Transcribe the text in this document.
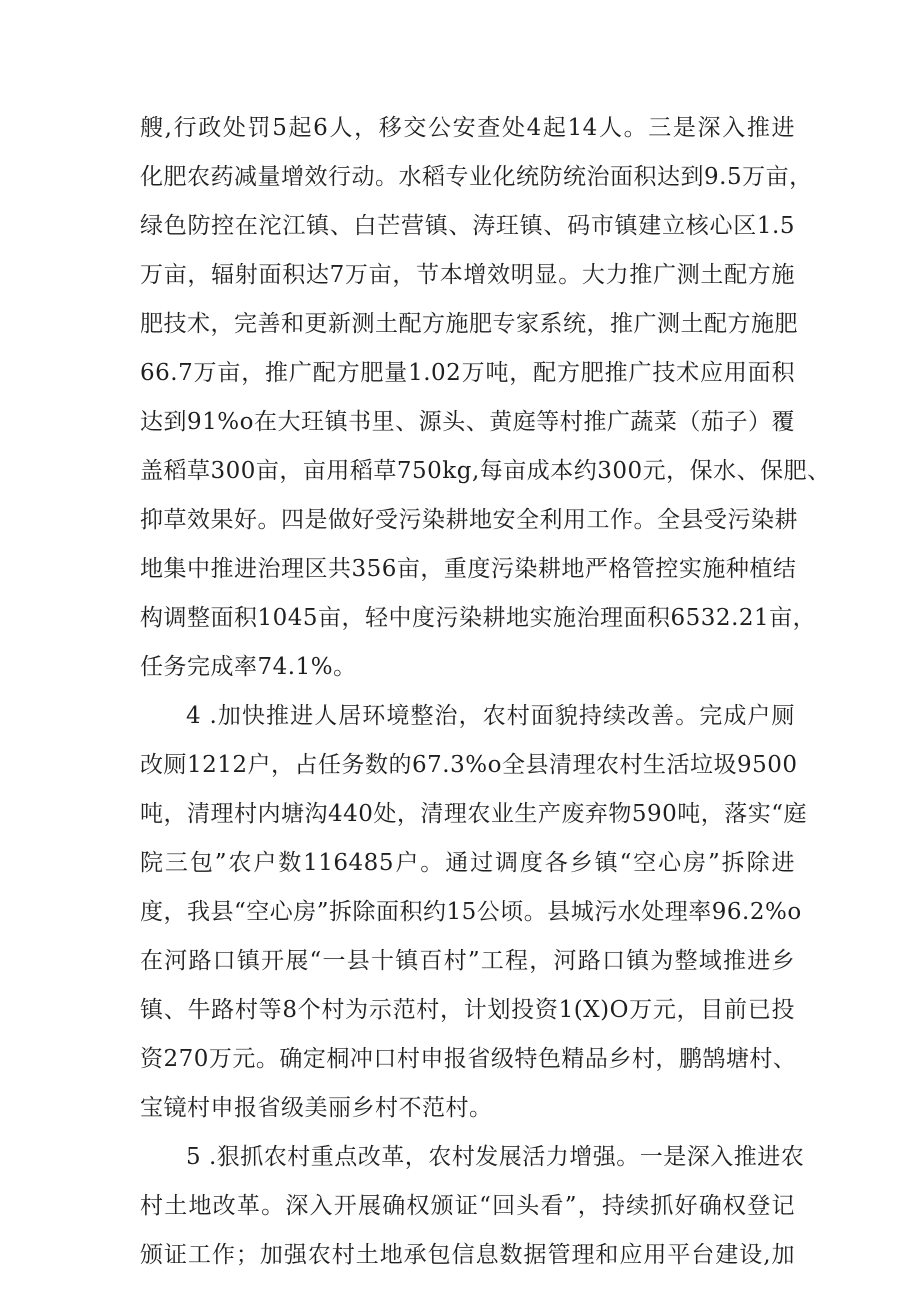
艘,行政处罚5起6人，移交公安查处4起14人。三是深入推进
化肥农药减量增效行动。水稻专业化统防统治面积达到9.5万亩，
绿色防控在沱江镇、白芒营镇、涛玨镇、码市镇建立核心区1.5
万亩，辐射面积达7万亩，节本增效明显。大力推广测土配方施
肥技术，完善和更新测土配方施肥专家系统，推广测土配方施肥
66.7万亩，推广配方肥量1.02万吨，配方肥推广技术应用面积
达到91%o在大玨镇书里、源头、黄庭等村推广蔬菜（茄子）覆
盖稻草300亩，亩用稻草750kg,每亩成本约300元，保水、保肥、
抑草效果好。四是做好受污染耕地安全利用工作。全县受污染耕
地集中推进治理区共356亩，重度污染耕地严格管控实施种植结
构调整面积1045亩，轻中度污染耕地实施治理面积6532.21亩，
任务完成率74.1%。
4 .加快推进人居环境整治，农村面貌持续改善。完成户厕
改厕1212户，占任务数的67.3%o全县清理农村生活垃圾9500
吨，清理村内塘沟440处，清理农业生产废弃物590吨，落实“庭
院三包”农户数116485户。通过调度各乡镇“空心房”拆除进
度，我县“空心房”拆除面积约15公顷。县城污水处理率96.2%o
在河路口镇开展“一县十镇百村”工程，河路口镇为整域推进乡
镇、牛路村等8个村为示范村，计划投资1(X)O万元，目前已投
资270万元。确定桐冲口村申报省级特色精品乡村，鹏鹄塘村、
宝镜村申报省级美丽乡村不范村。
5 .狠抓农村重点改革，农村发展活力增强。一是深入推进农
村土地改革。深入开展确权颁证“回头看”，持续抓好确权登记
颁证工作；加强农村土地承包信息数据管理和应用平台建设,加
